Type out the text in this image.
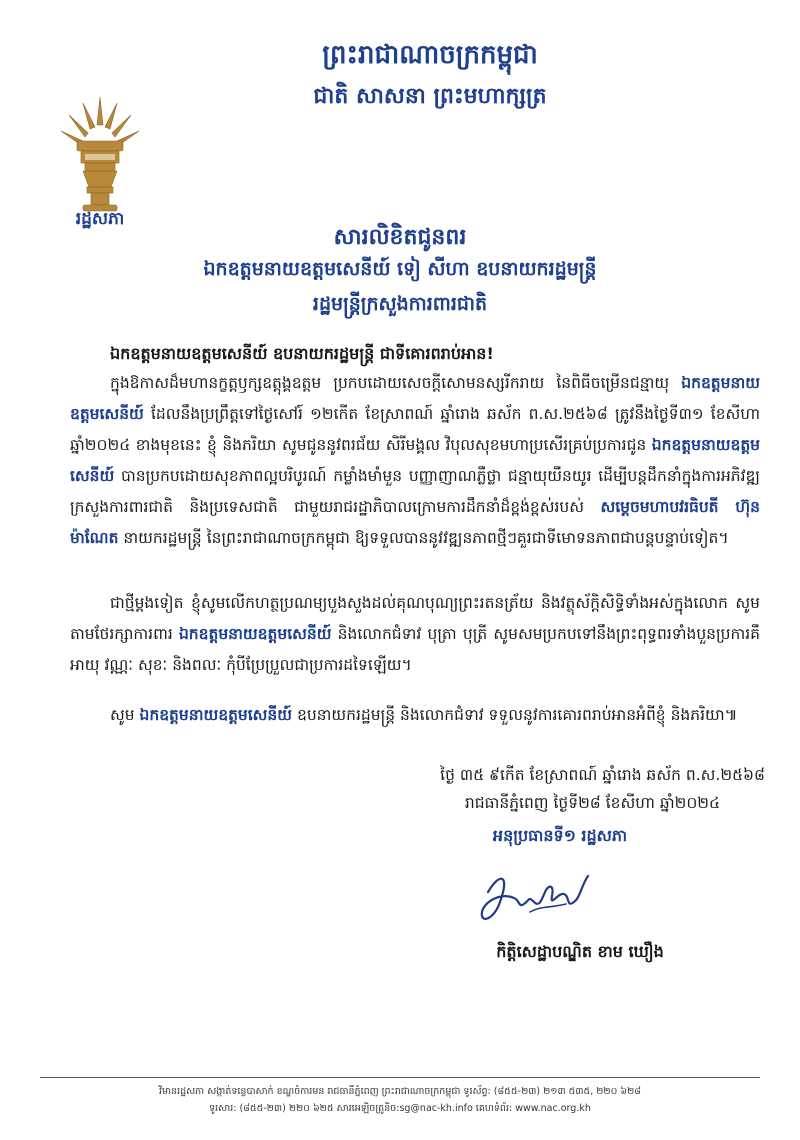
ព្រះរាជាណាចក្រកម្ពុជា
ជាតិ សាសនា ព្រះមហាក្សត្រ
រដ្ឋសភា
សារលិខិតជូនពរ
ឯកឧត្តមនាយឧត្តមសេនីយ៍ ទៀ សីហា ឧបនាយករដ្ឋមន្ត្រី
រដ្ឋមន្ត្រីក្រសួងការពារជាតិ
ឯកឧត្តមនាយឧត្តមសេនីយ៍ ឧបនាយករដ្ឋមន្ត្រី ជាទីគោរពរាប់អាន!
ក្នុងឱកាសដ៏មហានក្ខត្តឫក្សឧត្តុង្គឧត្តម ប្រកបដោយសេចក្តីសោមនស្សរីករាយ នៃពិធីចម្រើនជន្មាយុ ឯកឧត្តមនាយឧត្តមសេនីយ៍ ដែលនឹងប្រព្រឹត្តទៅថ្ងៃសៅរ៍ ១២កើត ខែស្រាពណ៍ ឆ្នាំរោង ឆស័ក ព.ស.២៥៦៨ ត្រូវនឹងថ្ងៃទី៣១ ខែសីហា ឆ្នាំ២០២៤ ខាងមុខនេះ ខ្ញុំ និងភរិយា សូមជូននូវពរជ័យ សិរីមង្គល វិបុលសុខមហាប្រសើរគ្រប់ប្រការជូន ឯកឧត្តមនាយឧត្តមសេនីយ៍ បានប្រកបដោយសុខភាពល្អបរិបូរណ៍ កម្លាំងមាំមួន បញ្ញាញាណភ្លឺថ្លា ជន្មាយុយឺនយូរ ដើម្បីបន្តដឹកនាំក្នុងការអភិវឌ្ឍក្រសួងការពារជាតិ និងប្រទេសជាតិ ជាមួយរាជរដ្ឋាភិបាលក្រោមការដឹកនាំដ៏ខ្ពង់ខ្ពស់របស់ សម្តេចមហាបវរធិបតី ហ៊ុន ម៉ាណែត នាយករដ្ឋមន្ត្រី នៃព្រះរាជាណាចក្រកម្ពុជា ឱ្យទទួលបាននូវវឌ្ឍនភាពថ្មីៗគួរជាទីមោទនភាពជាបន្តបន្ទាប់ទៀត។
ជាថ្មីម្តងទៀត ខ្ញុំសូមលើកហត្ថប្រណម្យបួងសួងដល់គុណបុណ្យព្រះរតនត្រ័យ និងវត្ថុស័ក្តិសិទ្ធិទាំងអស់ក្នុងលោក សូមតាមថែរក្សាការពារ ឯកឧត្តមនាយឧត្តមសេនីយ៍ និងលោកជំទាវ បុត្រា បុត្រី សូមសមប្រកបទៅនឹងព្រះពុទ្ធពរទាំងបួនប្រការគឺ អាយុ វណ្ណៈ សុខៈ និងពលៈ កុំបីប្រែប្រួលជាប្រការដទៃឡើយ។
សូម ឯកឧត្តមនាយឧត្តមសេនីយ៍ ឧបនាយករដ្ឋមន្ត្រី និងលោកជំទាវ ទទួលនូវការគោរពរាប់អានអំពីខ្ញុំ និងភរិយា៕
ថ្ងៃ ៣៥ ៩កើត ខែស្រាពណ៍ ឆ្នាំរោង ឆស័ក ព.ស.២៥៦៨
រាជធានីភ្នំពេញ ថ្ងៃទី២៨ ខែសីហា ឆ្នាំ២០២៤
អនុប្រធានទី១ រដ្ឋសភា
កិត្តិសេដ្ឋាបណ្ឌិត ខាម ឃឿង
វិមានរដ្ឋសភា សង្កាត់ទន្លេបាសាក់ ខណ្ឌចំការមន រាជធានីភ្នំពេញ ព្រះរាជាណាចក្រកម្ពុជា ទូរស័ព្ទ: (៨៥៥-២៣) ២១៣ ៥៣៥, ២២០ ៦២៨
ទូរសារ: (៨៥៥-២៣) ២២០ ៦២៥ សារអេឡិចត្រូនិច:sg@nac-kh.info គេហទំព័រ: www.nac.org.kh
